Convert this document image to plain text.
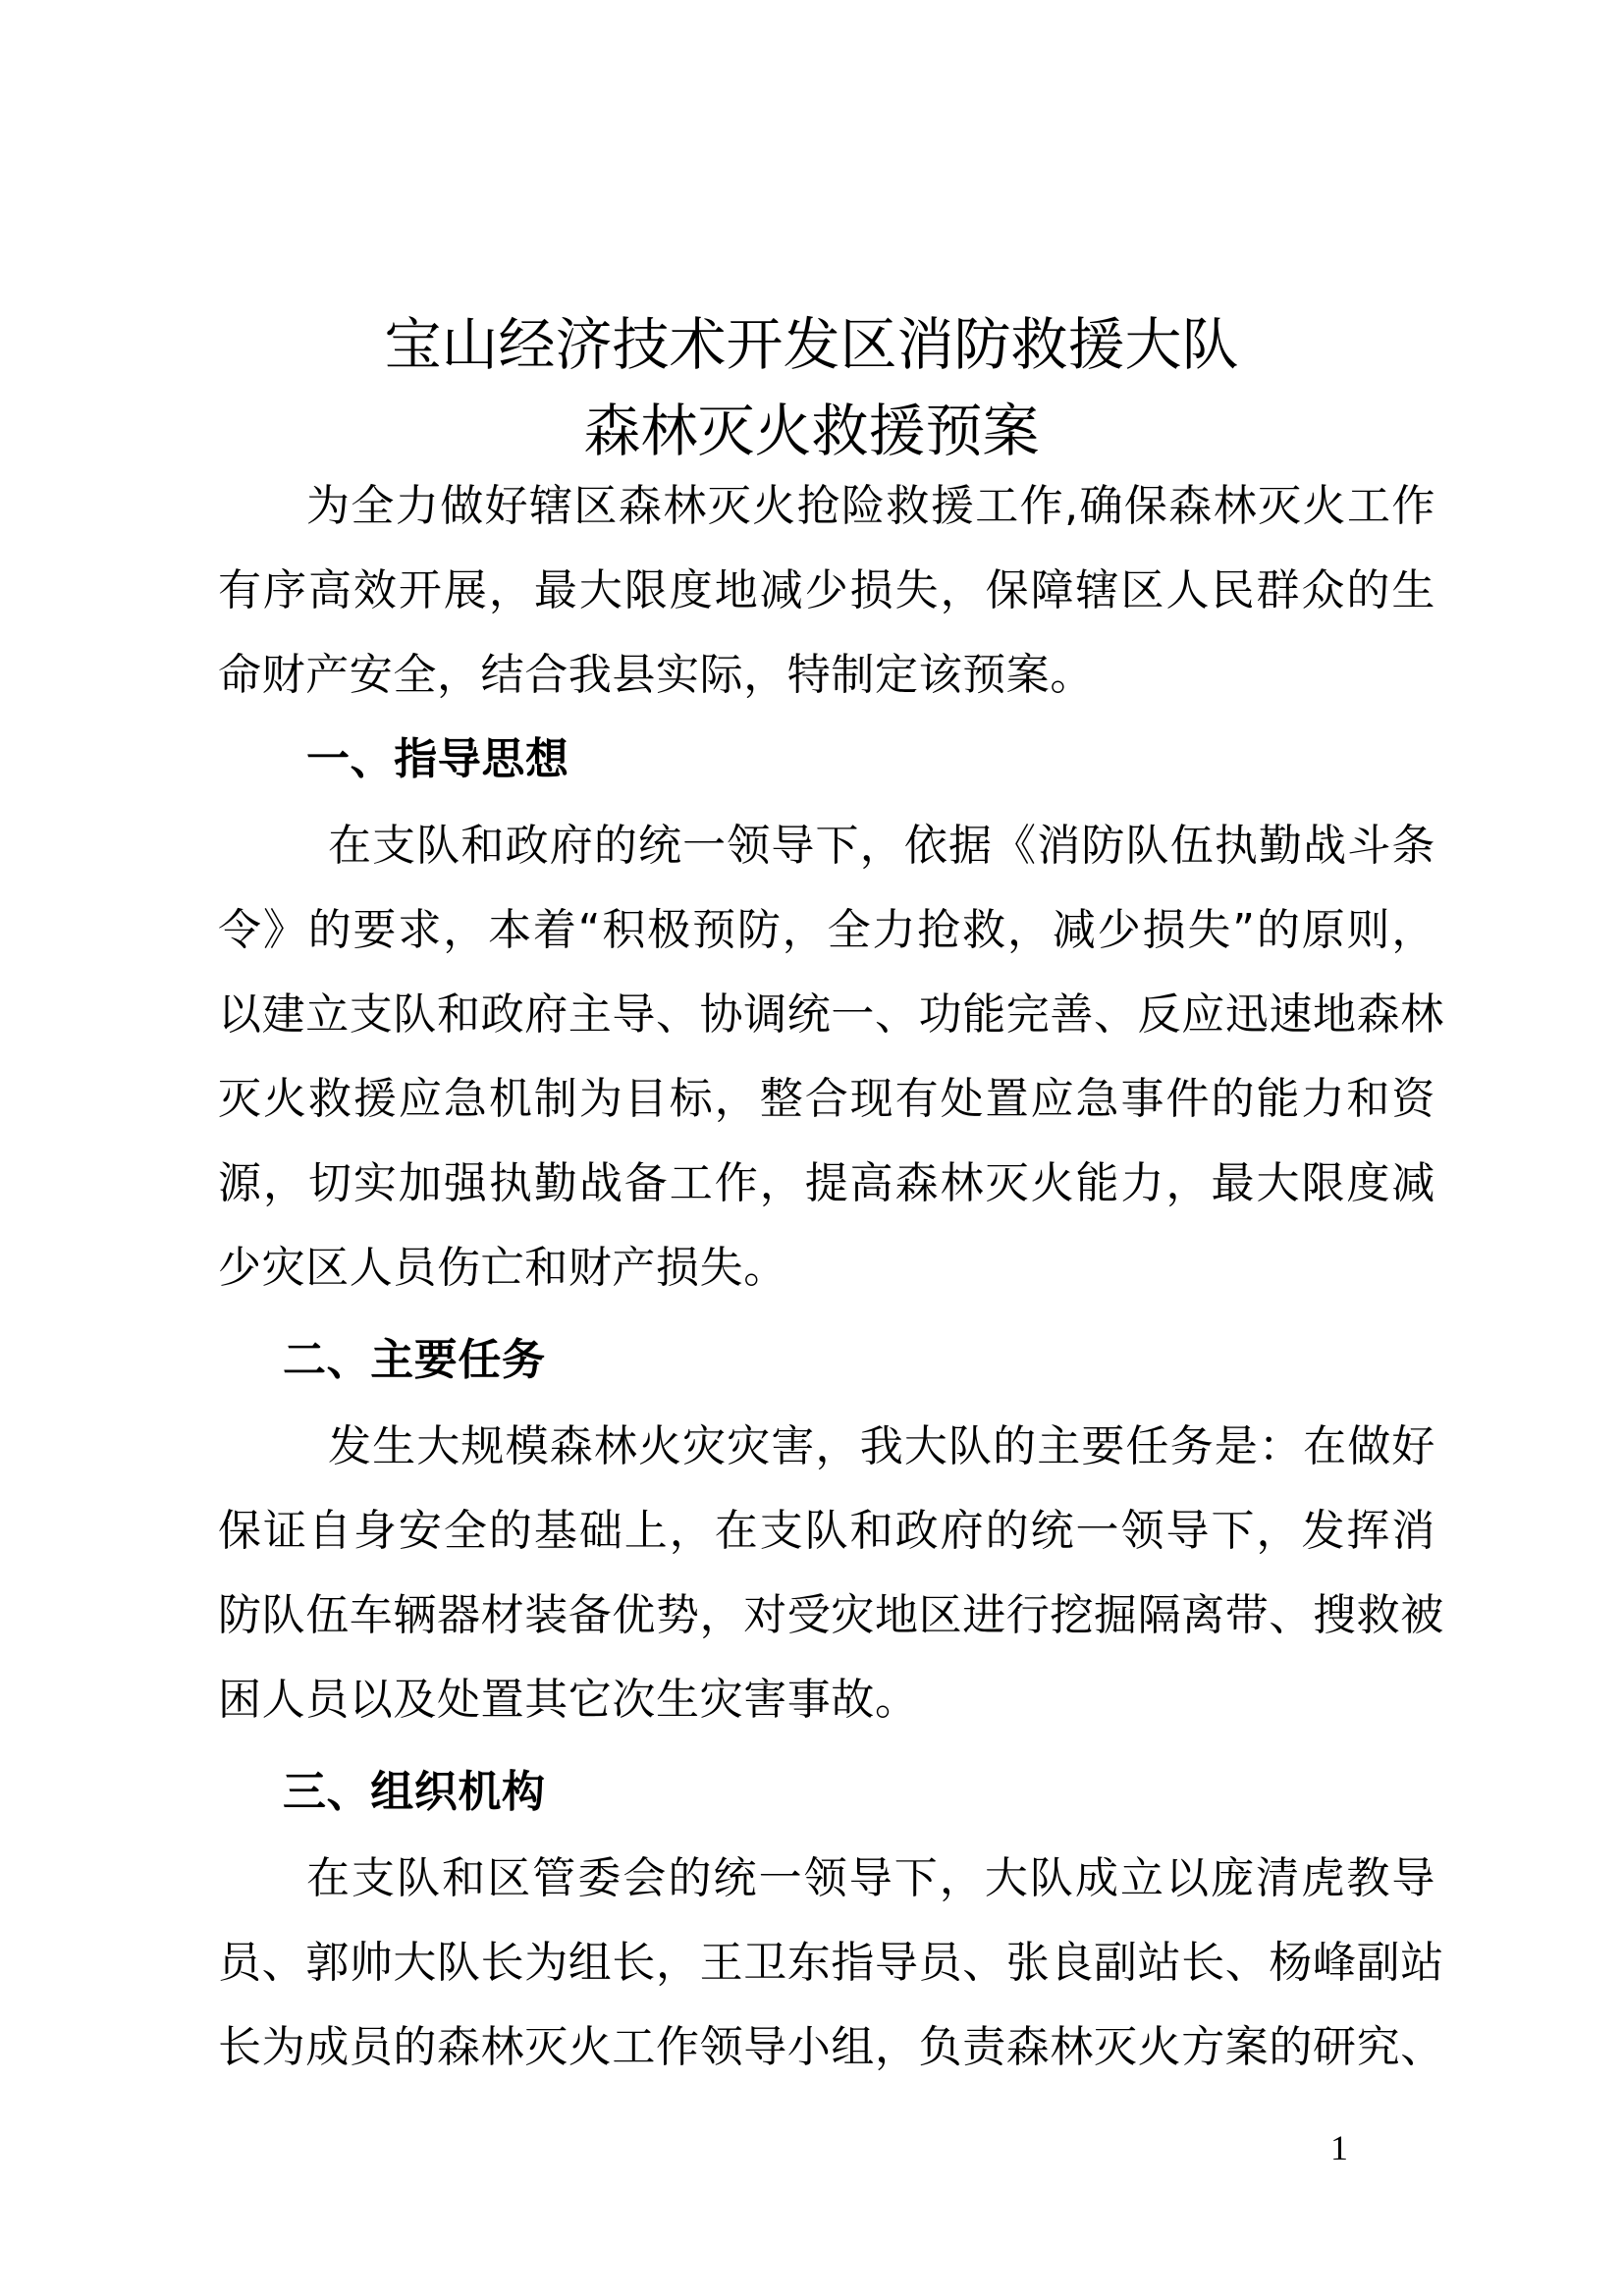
宝山经济技术开发区消防救援大队
森林灭火救援预案
为全力做好辖区森林灭火抢险救援工作,确保森林灭火工作
有序高效开展，最大限度地减少损失，保障辖区人民群众的生
命财产安全，结合我县实际，特制定该预案。
一、指导思想
在支队和政府的统一领导下，依据《消防队伍执勤战斗条
令》的要求，本着“积极预防，全力抢救，减少损失”的原则，
以建立支队和政府主导、协调统一、功能完善、反应迅速地森林
灭火救援应急机制为目标，整合现有处置应急事件的能力和资
源，切实加强执勤战备工作，提高森林灭火能力，最大限度减
少灾区人员伤亡和财产损失。
二、主要任务
发生大规模森林火灾灾害，我大队的主要任务是：在做好
保证自身安全的基础上，在支队和政府的统一领导下，发挥消
防队伍车辆器材装备优势，对受灾地区进行挖掘隔离带、搜救被
困人员以及处置其它次生灾害事故。
三、组织机构
在支队和区管委会的统一领导下，大队成立以庞清虎教导
员、郭帅大队长为组长，王卫东指导员、张良副站长、杨峰副站
长为成员的森林灭火工作领导小组，负责森林灭火方案的研究、
1
